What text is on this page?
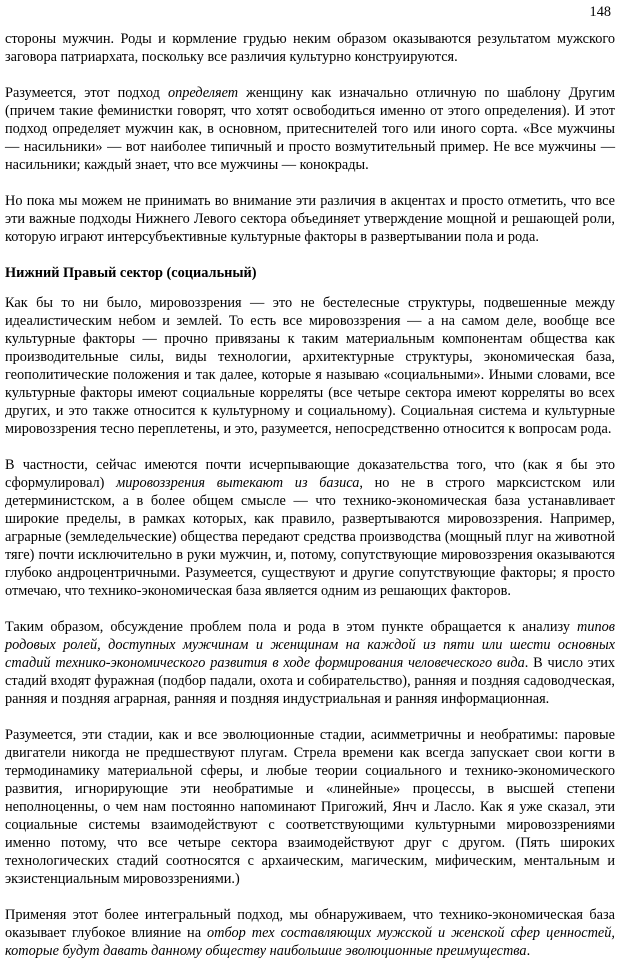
148

стороны мужчин. Роды и кормление грудью неким образом оказываются результатом мужского заговора патриархата, поскольку все различия культурно конструируются.

Разумеется, этот подход определяет женщину как изначально отличную по шаблону Другим (причем такие феминистки говорят, что хотят освободиться именно от этого определения). И этот подход определяет мужчин как, в основном, притеснителей того или иного сорта. «Все мужчины — насильники» — вот наиболее типичный и просто возмутительный пример. Не все мужчины — насильники; каждый знает, что все мужчины — конокрады.

Но пока мы можем не принимать во внимание эти различия в акцентах и просто отметить, что все эти важные подходы Нижнего Левого сектора объединяет утверждение мощной и решающей роли, которую играют интерсубъективные культурные факторы в развертывании пола и рода.

Нижний Правый сектор (социальный)

Как бы то ни было, мировоззрения — это не бестелесные структуры, подвешенные между идеалистическим небом и землей. То есть все мировоззрения — а на самом деле, вообще все культурные факторы — прочно привязаны к таким материальным компонентам общества как производительные силы, виды технологии, архитектурные структуры, экономическая база, геополитические положения и так далее, которые я называю «социальными». Иными словами, все культурные факторы имеют социальные корреляты (все четыре сектора имеют корреляты во всех других, и это также относится к культурному и социальному). Социальная система и культурные мировоззрения тесно переплетены, и это, разумеется, непосредственно относится к вопросам рода.

В частности, сейчас имеются почти исчерпывающие доказательства того, что (как я бы это сформулировал) мировоззрения вытекают из базиса, но не в строго марксистском или детерминистском, а в более общем смысле — что технико-экономическая база устанавливает широкие пределы, в рамках которых, как правило, развертываются мировоззрения. Например, аграрные (земледельческие) общества передают средства производства (мощный плуг на животной тяге) почти исключительно в руки мужчин, и, потому, сопутствующие мировоззрения оказываются глубоко андроцентричными. Разумеется, существуют и другие сопутствующие факторы; я просто отмечаю, что технико-экономическая база является одним из решающих факторов.

Таким образом, обсуждение проблем пола и рода в этом пункте обращается к анализу типов родовых ролей, доступных мужчинам и женщинам на каждой из пяти или шести основных стадий технико-экономического развития в ходе формирования человеческого вида. В число этих стадий входят фуражная (подбор падали, охота и собирательство), ранняя и поздняя садоводческая, ранняя и поздняя аграрная, ранняя и поздняя индустриальная и ранняя информационная.

Разумеется, эти стадии, как и все эволюционные стадии, асимметричны и необратимы: паровые двигатели никогда не предшествуют плугам. Стрела времени как всегда запускает свои когти в термодинамику материальной сферы, и любые теории социального и технико-экономического развития, игнорирующие эти необратимые и «линейные» процессы, в высшей степени неполноценны, о чем нам постоянно напоминают Пригожий, Янч и Ласло. Как я уже сказал, эти социальные системы взаимодействуют с соответствующими культурными мировоззрениями именно потому, что все четыре сектора взаимодействуют друг с другом. (Пять широких технологических стадий соотносятся с архаическим, магическим, мифическим, ментальным и экзистенциальным мировоззрениями.)

Применяя этот более интегральный подход, мы обнаруживаем, что технико-экономическая база оказывает глубокое влияние на отбор тех составляющих мужской и женской сфер ценностей, которые будут давать данному обществу наибольшие эволюционные преимущества.
